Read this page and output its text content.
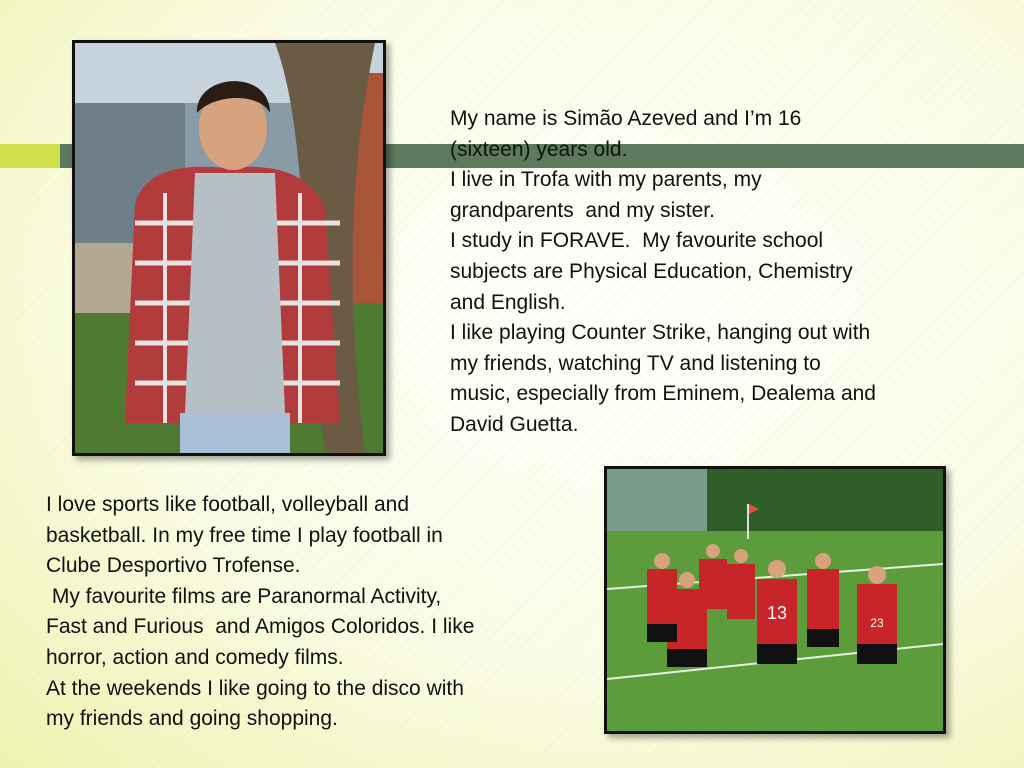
My name is Simão Azeved and I’m 16

(sixteen) years old.

I live in Trofa with my parents, my

grandparents  and my sister.

I study in FORAVE.  My favourite school

subjects are Physical Education, Chemistry

and English.

I like playing Counter Strike, hanging out with

my friends, watching TV and listening to

music, especially from Eminem, Dealema and

David Guetta.

I love sports like football, volleyball and

basketball. In my free time I play football in

Clube Desportivo Trofense.

My favourite films are Paranormal Activity,

Fast and Furious  and Amigos Coloridos. I like

horror, action and comedy films.

At the weekends I like going to the disco with

my friends and going shopping.

13	23
